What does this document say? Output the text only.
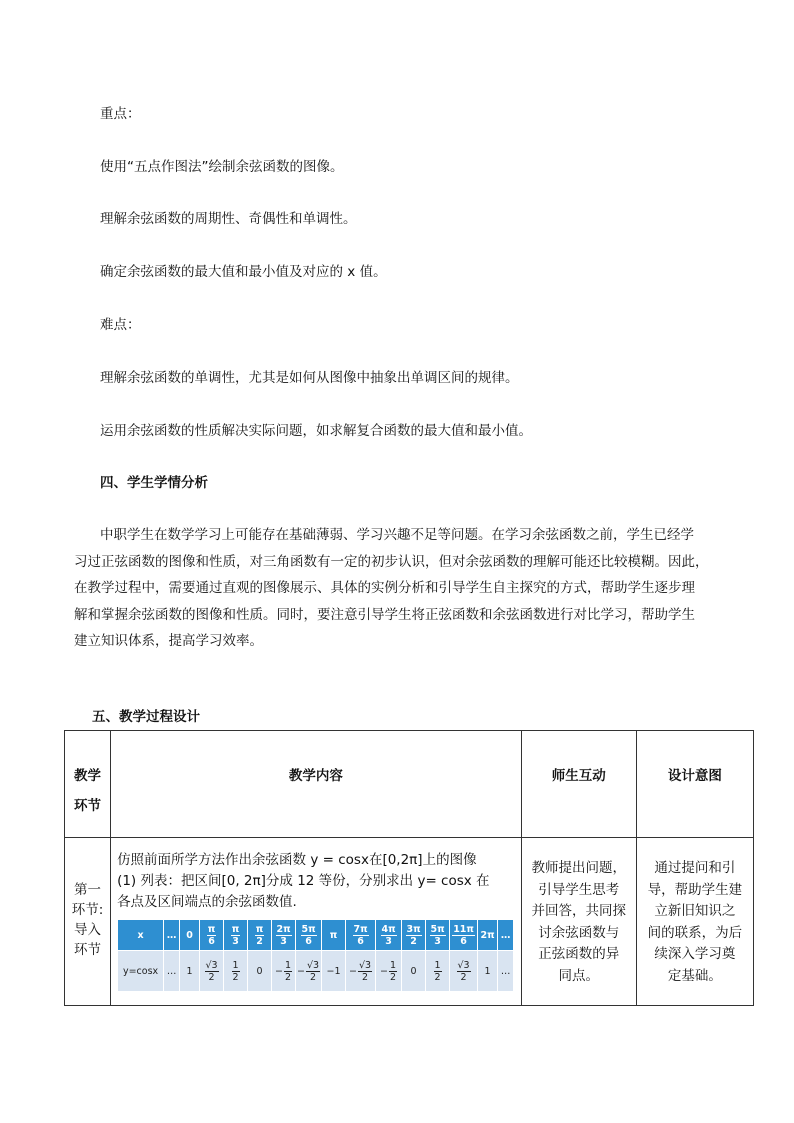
重点：
使用“五点作图法”绘制余弦函数的图像。
理解余弦函数的周期性、奇偶性和单调性。
确定余弦函数的最大值和最小值及对应的 x 值。
难点：
理解余弦函数的单调性，尤其是如何从图像中抽象出单调区间的规律。
运用余弦函数的性质解决实际问题，如求解复合函数的最大值和最小值。
四、学生学情分析
中职学生在数学学习上可能存在基础薄弱、学习兴趣不足等问题。在学习余弦函数之前，学生已经学
习过正弦函数的图像和性质，对三角函数有一定的初步认识，但对余弦函数的理解可能还比较模糊。因此，
在教学过程中，需要通过直观的图像展示、具体的实例分析和引导学生自主探究的方式，帮助学生逐步理
解和掌握余弦函数的图像和性质。同时，要注意引导学生将正弦函数和余弦函数进行对比学习，帮助学生
建立知识体系，提高学习效率。
五、教学过程设计
教学
环节

教学内容	师生互动	设计意图

第一
环节:
导入
环节

仿照前面所学方法作出余弦函数 y = cosx在[0,2π]上的图像
(1) 列表：把区间[0, 2π]分成 12 等份，分别求出 y= cosx 在
各点及区间端点的余弦函数值.
x	…	0	$\frac{\pi}{6}$	$\frac{\pi}{3}$	$\frac{\pi}{2}$	$\frac{2\pi}{3}$	$\frac{5\pi}{6}$	π	$\frac{7\pi}{6}$	$\frac{4\pi}{3}$	$\frac{3\pi}{2}$	$\frac{5\pi}{3}$	$\frac{11\pi}{6}$	2π	…
y=cosx	…	1	$\frac{√3}{2}$	$\frac{1}{2}$	0	− $\frac{1}{2}$	− $\frac{√3}{2}$	−1	− $\frac{√3}{2}$	− $\frac{1}{2}$	0	$\frac{1}{2}$	$\frac{√3}{2}$	1	…

教师提出问题，
引导学生思考
并回答，共同探
讨余弦函数与
正弦函数的异
同点。

通过提问和引
导，帮助学生建
立新旧知识之
间的联系，为后
续深入学习奠
定基础。
